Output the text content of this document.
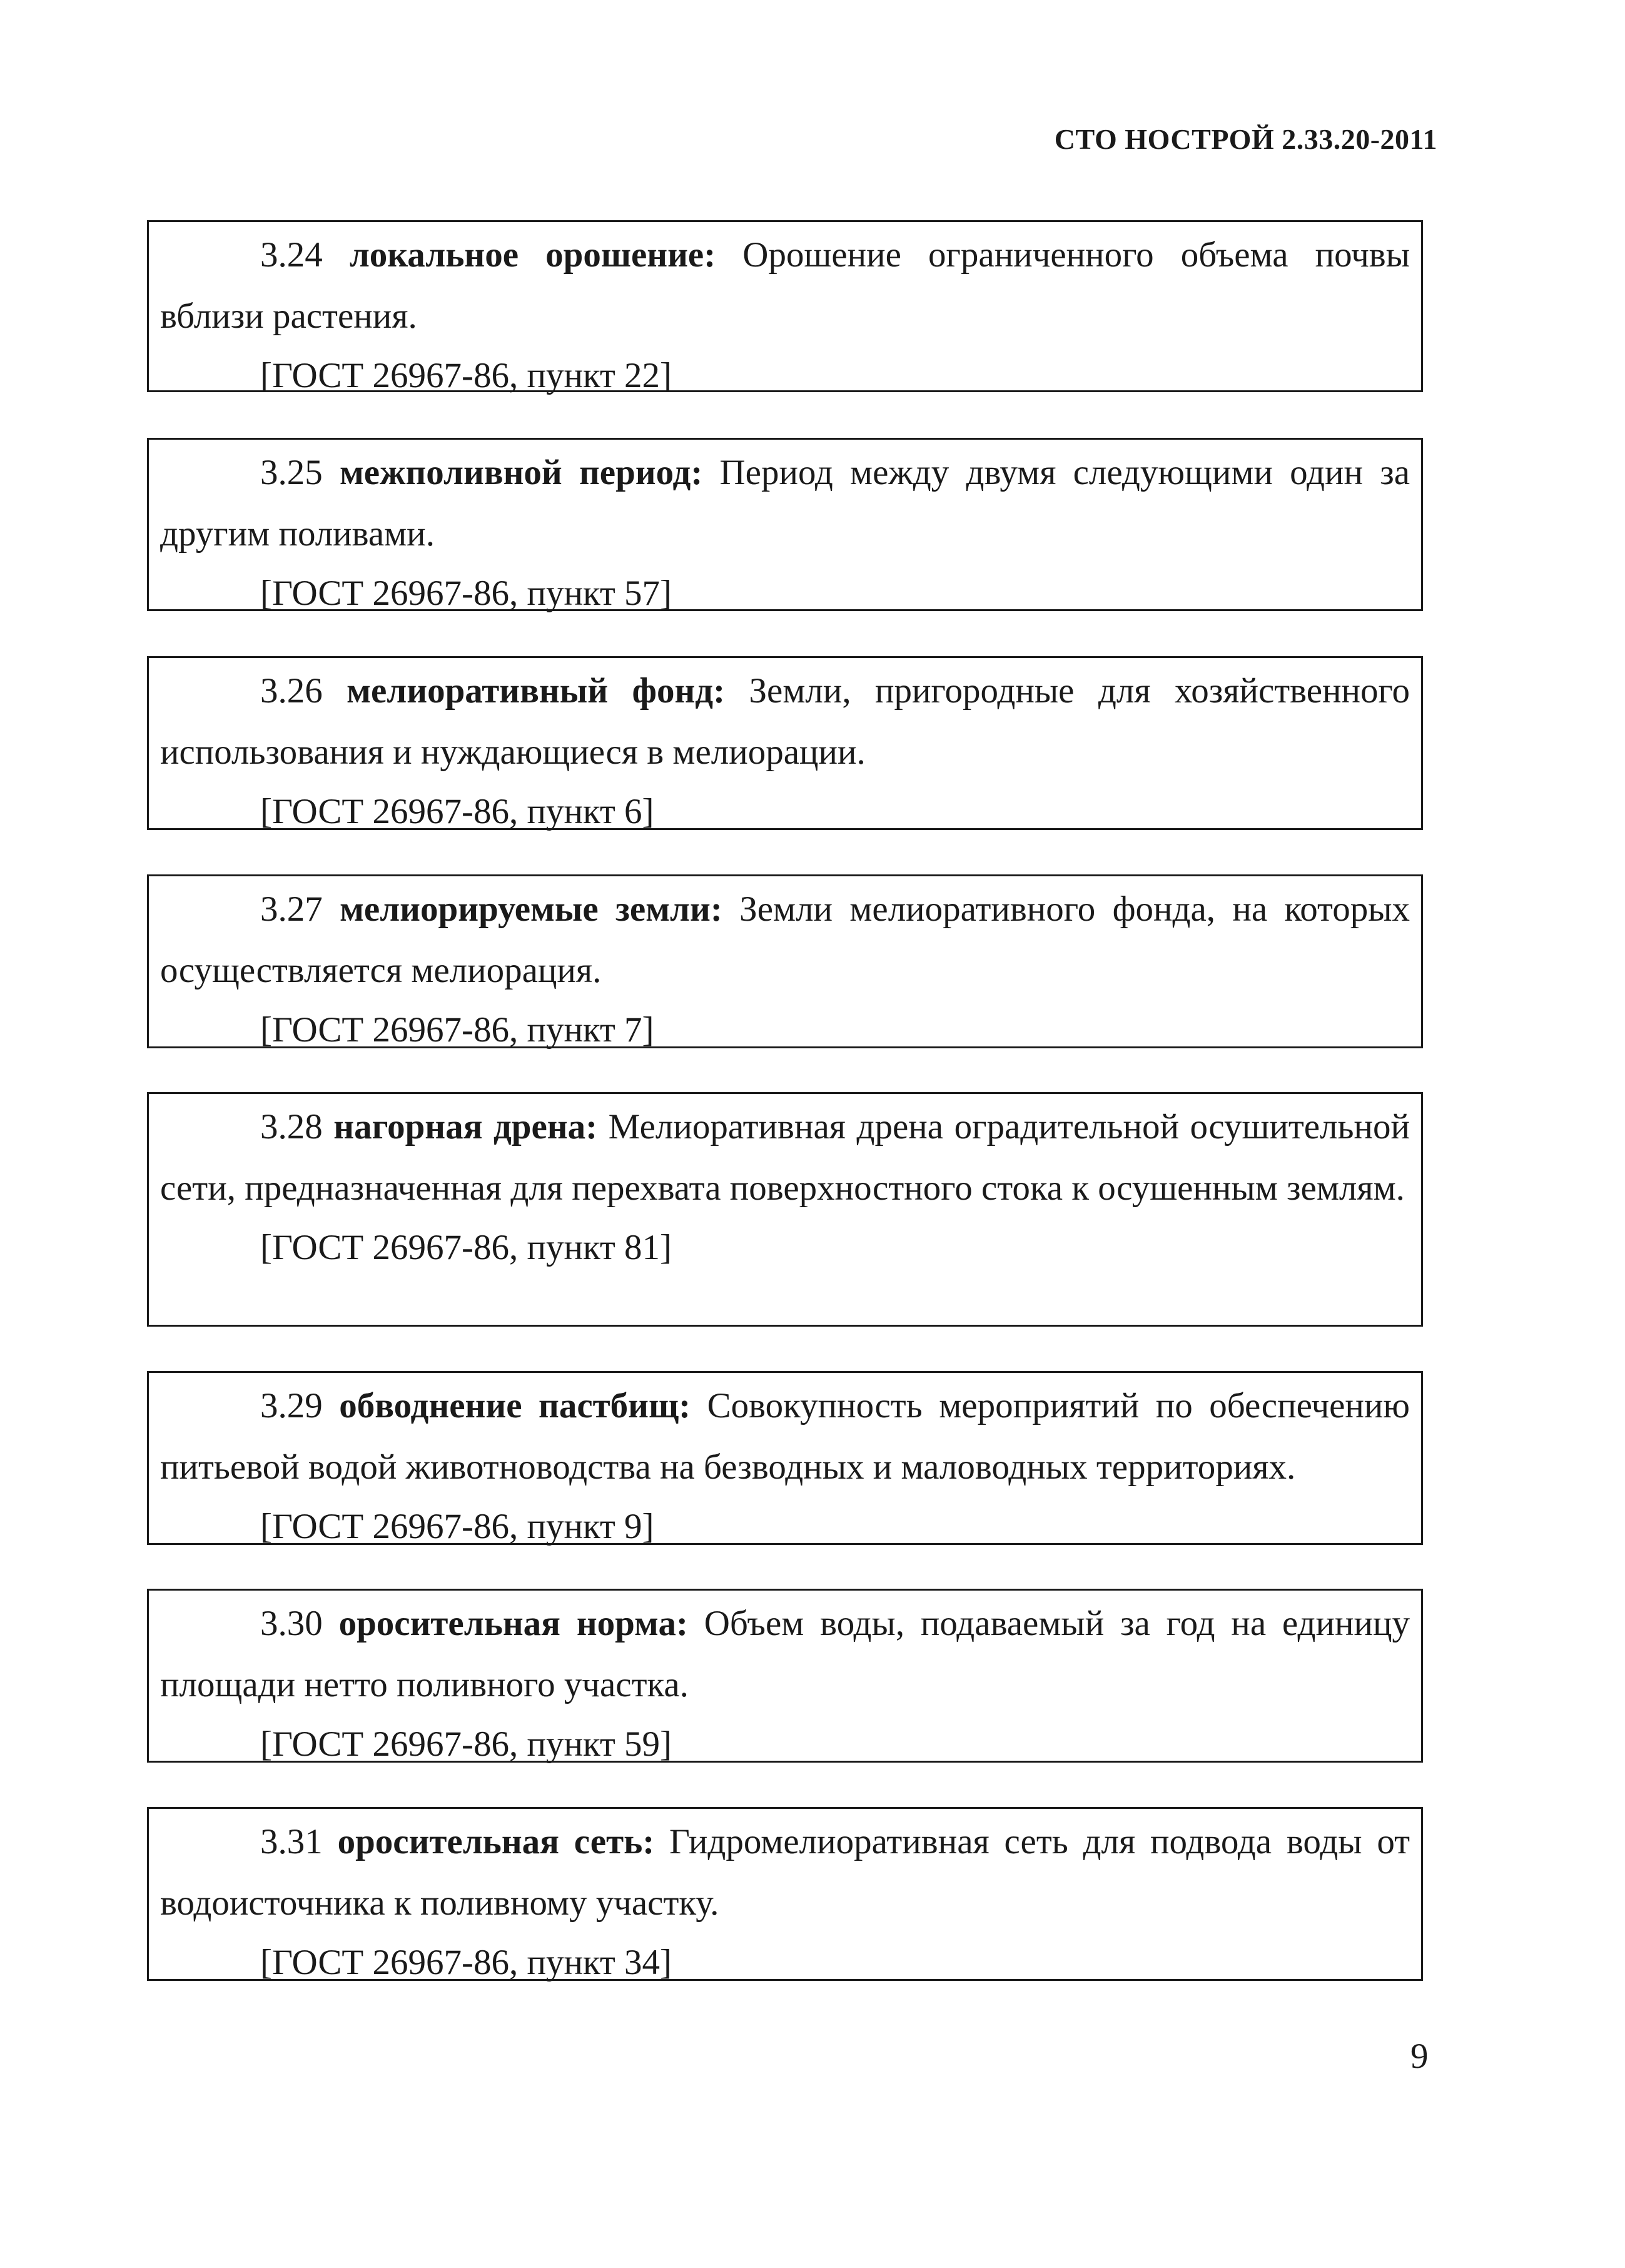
СТО НОСТРОЙ 2.33.20-2011

3.24 локальное орошение: Орошение ограниченного объема почвы вблизи растения.

[ГОСТ 26967-86, пункт 22]

3.25 межполивной период: Период между двумя следующими один за другим поливами.

[ГОСТ 26967-86, пункт 57]

3.26 мелиоративный фонд: Земли, пригородные для хозяйственного использования и нуждающиеся в мелиорации.

[ГОСТ 26967-86, пункт 6]

3.27 мелиорируемые земли: Земли мелиоративного фонда, на которых осуществляется мелиорация.

[ГОСТ 26967-86, пункт 7]

3.28 нагорная дрена: Мелиоративная дрена оградительной осушительной сети, предназначенная для перехвата поверхностного стока к осушенным землям.

[ГОСТ 26967-86, пункт 81]

3.29 обводнение пастбищ: Совокупность мероприятий по обеспечению питьевой водой животноводства на безводных и маловодных территориях.

[ГОСТ 26967-86, пункт 9]

3.30 оросительная норма: Объем воды, подаваемый за год на единицу площади нетто поливного участка.

[ГОСТ 26967-86, пункт 59]

3.31 оросительная сеть: Гидромелиоративная сеть для подвода воды от водоисточника к поливному участку.

[ГОСТ 26967-86, пункт 34]

9
